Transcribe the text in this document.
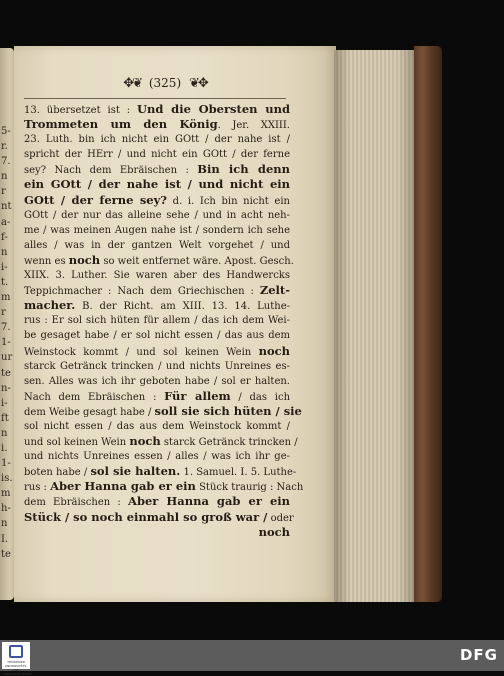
5-
r.
7.
n
r
nt
a-
f-
n
i-
t.
m
r
7.
1-
ur
te
n-
i-
ft
n
i.
1-
is.
m
h-
n
I.
te
✥❦ (325) ❦✥
13. übersetzet ist : Und die Obersten und
Trommeten um den König. Jer. XXIII.
23. Luth. bin ich nicht ein GOtt / der nahe ist /
spricht der HErr / und nicht ein GOtt / der ferne
sey? Nach dem Ebräischen : Bin ich denn
ein GOtt / der nahe ist / und nicht ein
GOtt / der ferne sey? d. i. Ich bin nicht ein
GOtt / der nur das alleine sehe / und in acht neh-
me / was meinen Augen nahe ist / sondern ich sehe
alles / was in der gantzen Welt vorgehet / und
wenn es noch so weit entfernet wäre. Apost. Gesch.
XIIX. 3. Luther. Sie waren aber des Handwercks
Teppichmacher : Nach dem Griechischen : Zelt-
macher. B. der Richt. am XIII. 13. 14. Luthe-
rus : Er sol sich hüten für allem / das ich dem Wei-
be gesaget habe / er sol nicht essen / das aus dem
Weinstock kommt / und sol keinen Wein noch
starck Getränck trincken / und nichts Unreines es-
sen. Alles was ich ihr geboten habe / sol er halten.
Nach dem Ebräischen : Für allem / das ich
dem Weibe gesagt habe / soll sie sich hüten / sie
sol nicht essen / das aus dem Weinstock kommt /
und sol keinen Wein noch starck Getränck trincken /
und nichts Unreines essen / alles / was ich ihr ge-
boten habe / sol sie halten. 1. Samuel. I. 5. Luthe-
rus : Aber Hanna gab er ein Stück traurig : Nach
dem Ebräischen : Aber Hanna gab er ein
Stück / so noch einmahl so groß war / oder
noch
THÜRINGER UNIVERSITÄTS- UND LANDESBIBLIOTHEK
DFG
